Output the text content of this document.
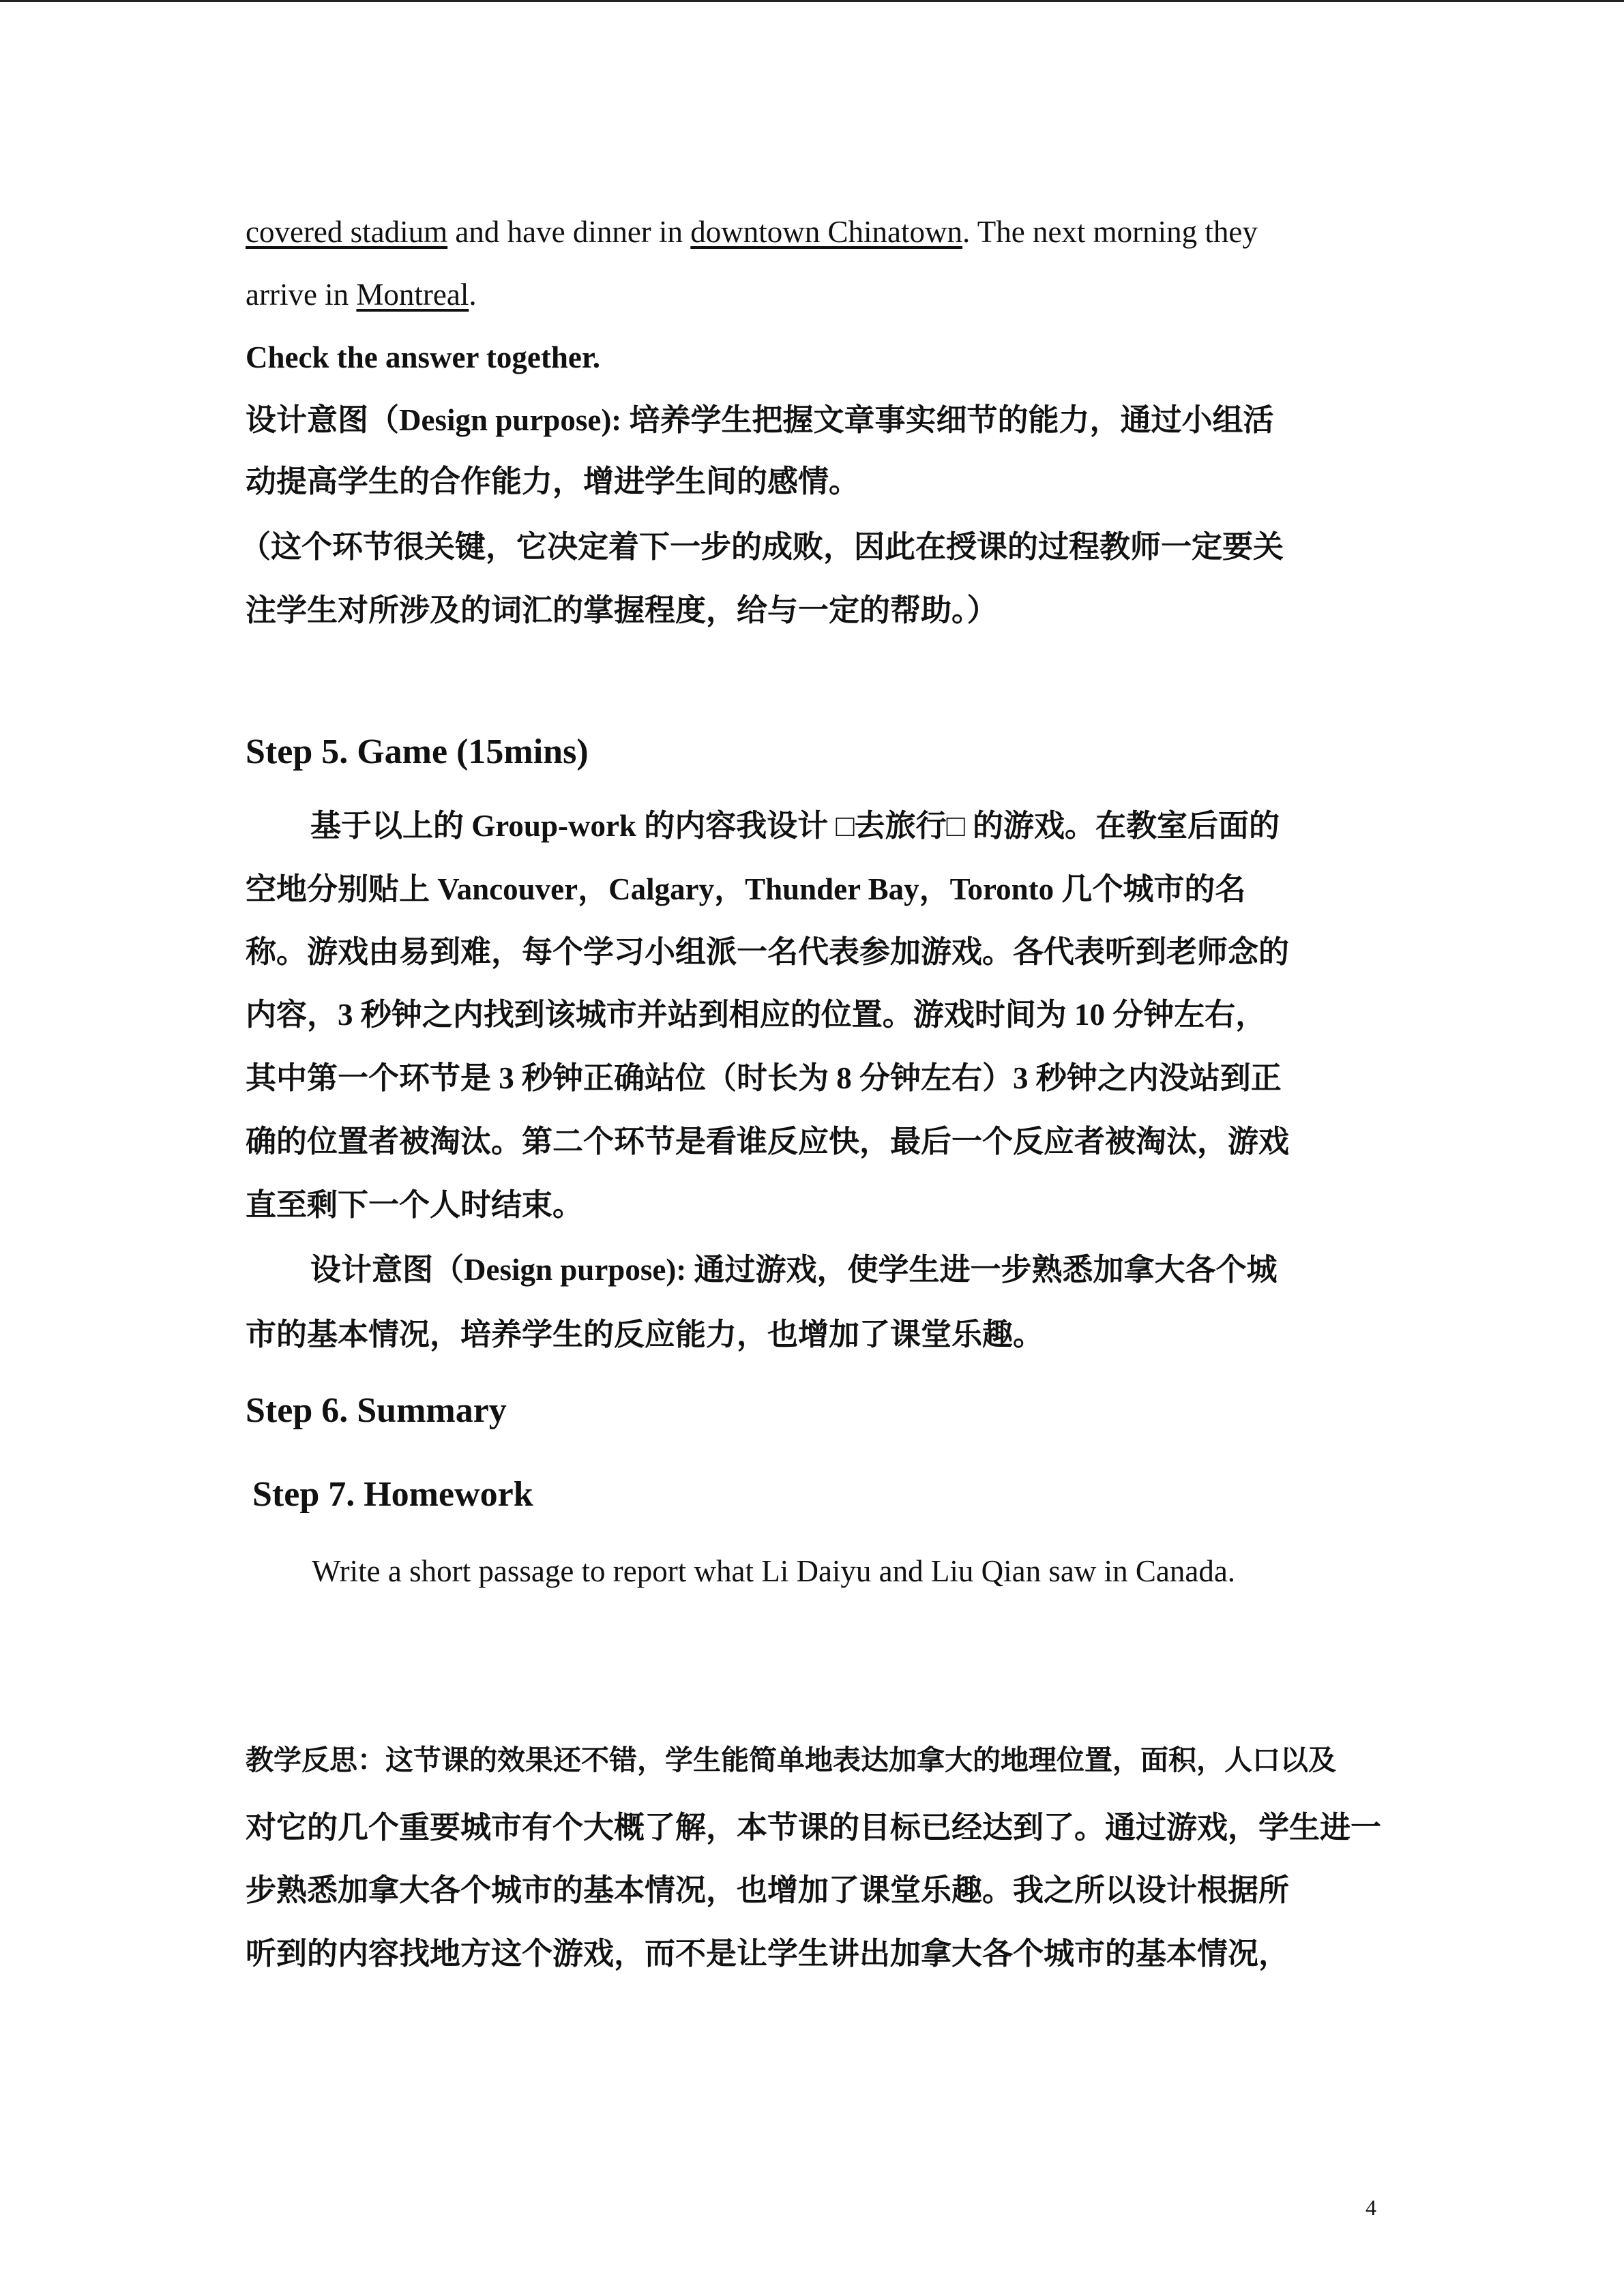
covered stadium and have dinner in downtown Chinatown. The next morning they
arrive in Montreal.
Check the answer together.
设计意图（Design purpose): 培养学生把握文章事实细节的能力，通过小组活
动提高学生的合作能力，增进学生间的感情。
（这个环节很关键，它决定着下一步的成败，因此在授课的过程教师一定要关
注学生对所涉及的词汇的掌握程度，给与一定的帮助。）
Step 5. Game (15mins)
基于以上的 Group-work 的内容我设计 □去旅行□ 的游戏。在教室后面的
空地分别贴上 Vancouver，Calgary，Thunder Bay，Toronto 几个城市的名
称。游戏由易到难，每个学习小组派一名代表参加游戏。各代表听到老师念的
内容，3 秒钟之内找到该城市并站到相应的位置。游戏时间为 10 分钟左右，
其中第一个环节是 3 秒钟正确站位（时长为 8 分钟左右）3 秒钟之内没站到正
确的位置者被淘汰。第二个环节是看谁反应快，最后一个反应者被淘汰，游戏
直至剩下一个人时结束。
设计意图（Design purpose): 通过游戏，使学生进一步熟悉加拿大各个城
市的基本情况，培养学生的反应能力，也增加了课堂乐趣。
Step 6. Summary
Step 7. Homework
Write a short passage to report what Li Daiyu and Liu Qian saw in Canada.
教学反思：这节课的效果还不错，学生能简单地表达加拿大的地理位置，面积，人口以及
对它的几个重要城市有个大概了解，本节课的目标已经达到了。通过游戏，学生进一
步熟悉加拿大各个城市的基本情况，也增加了课堂乐趣。我之所以设计根据所
听到的内容找地方这个游戏，而不是让学生讲出加拿大各个城市的基本情况，
4
